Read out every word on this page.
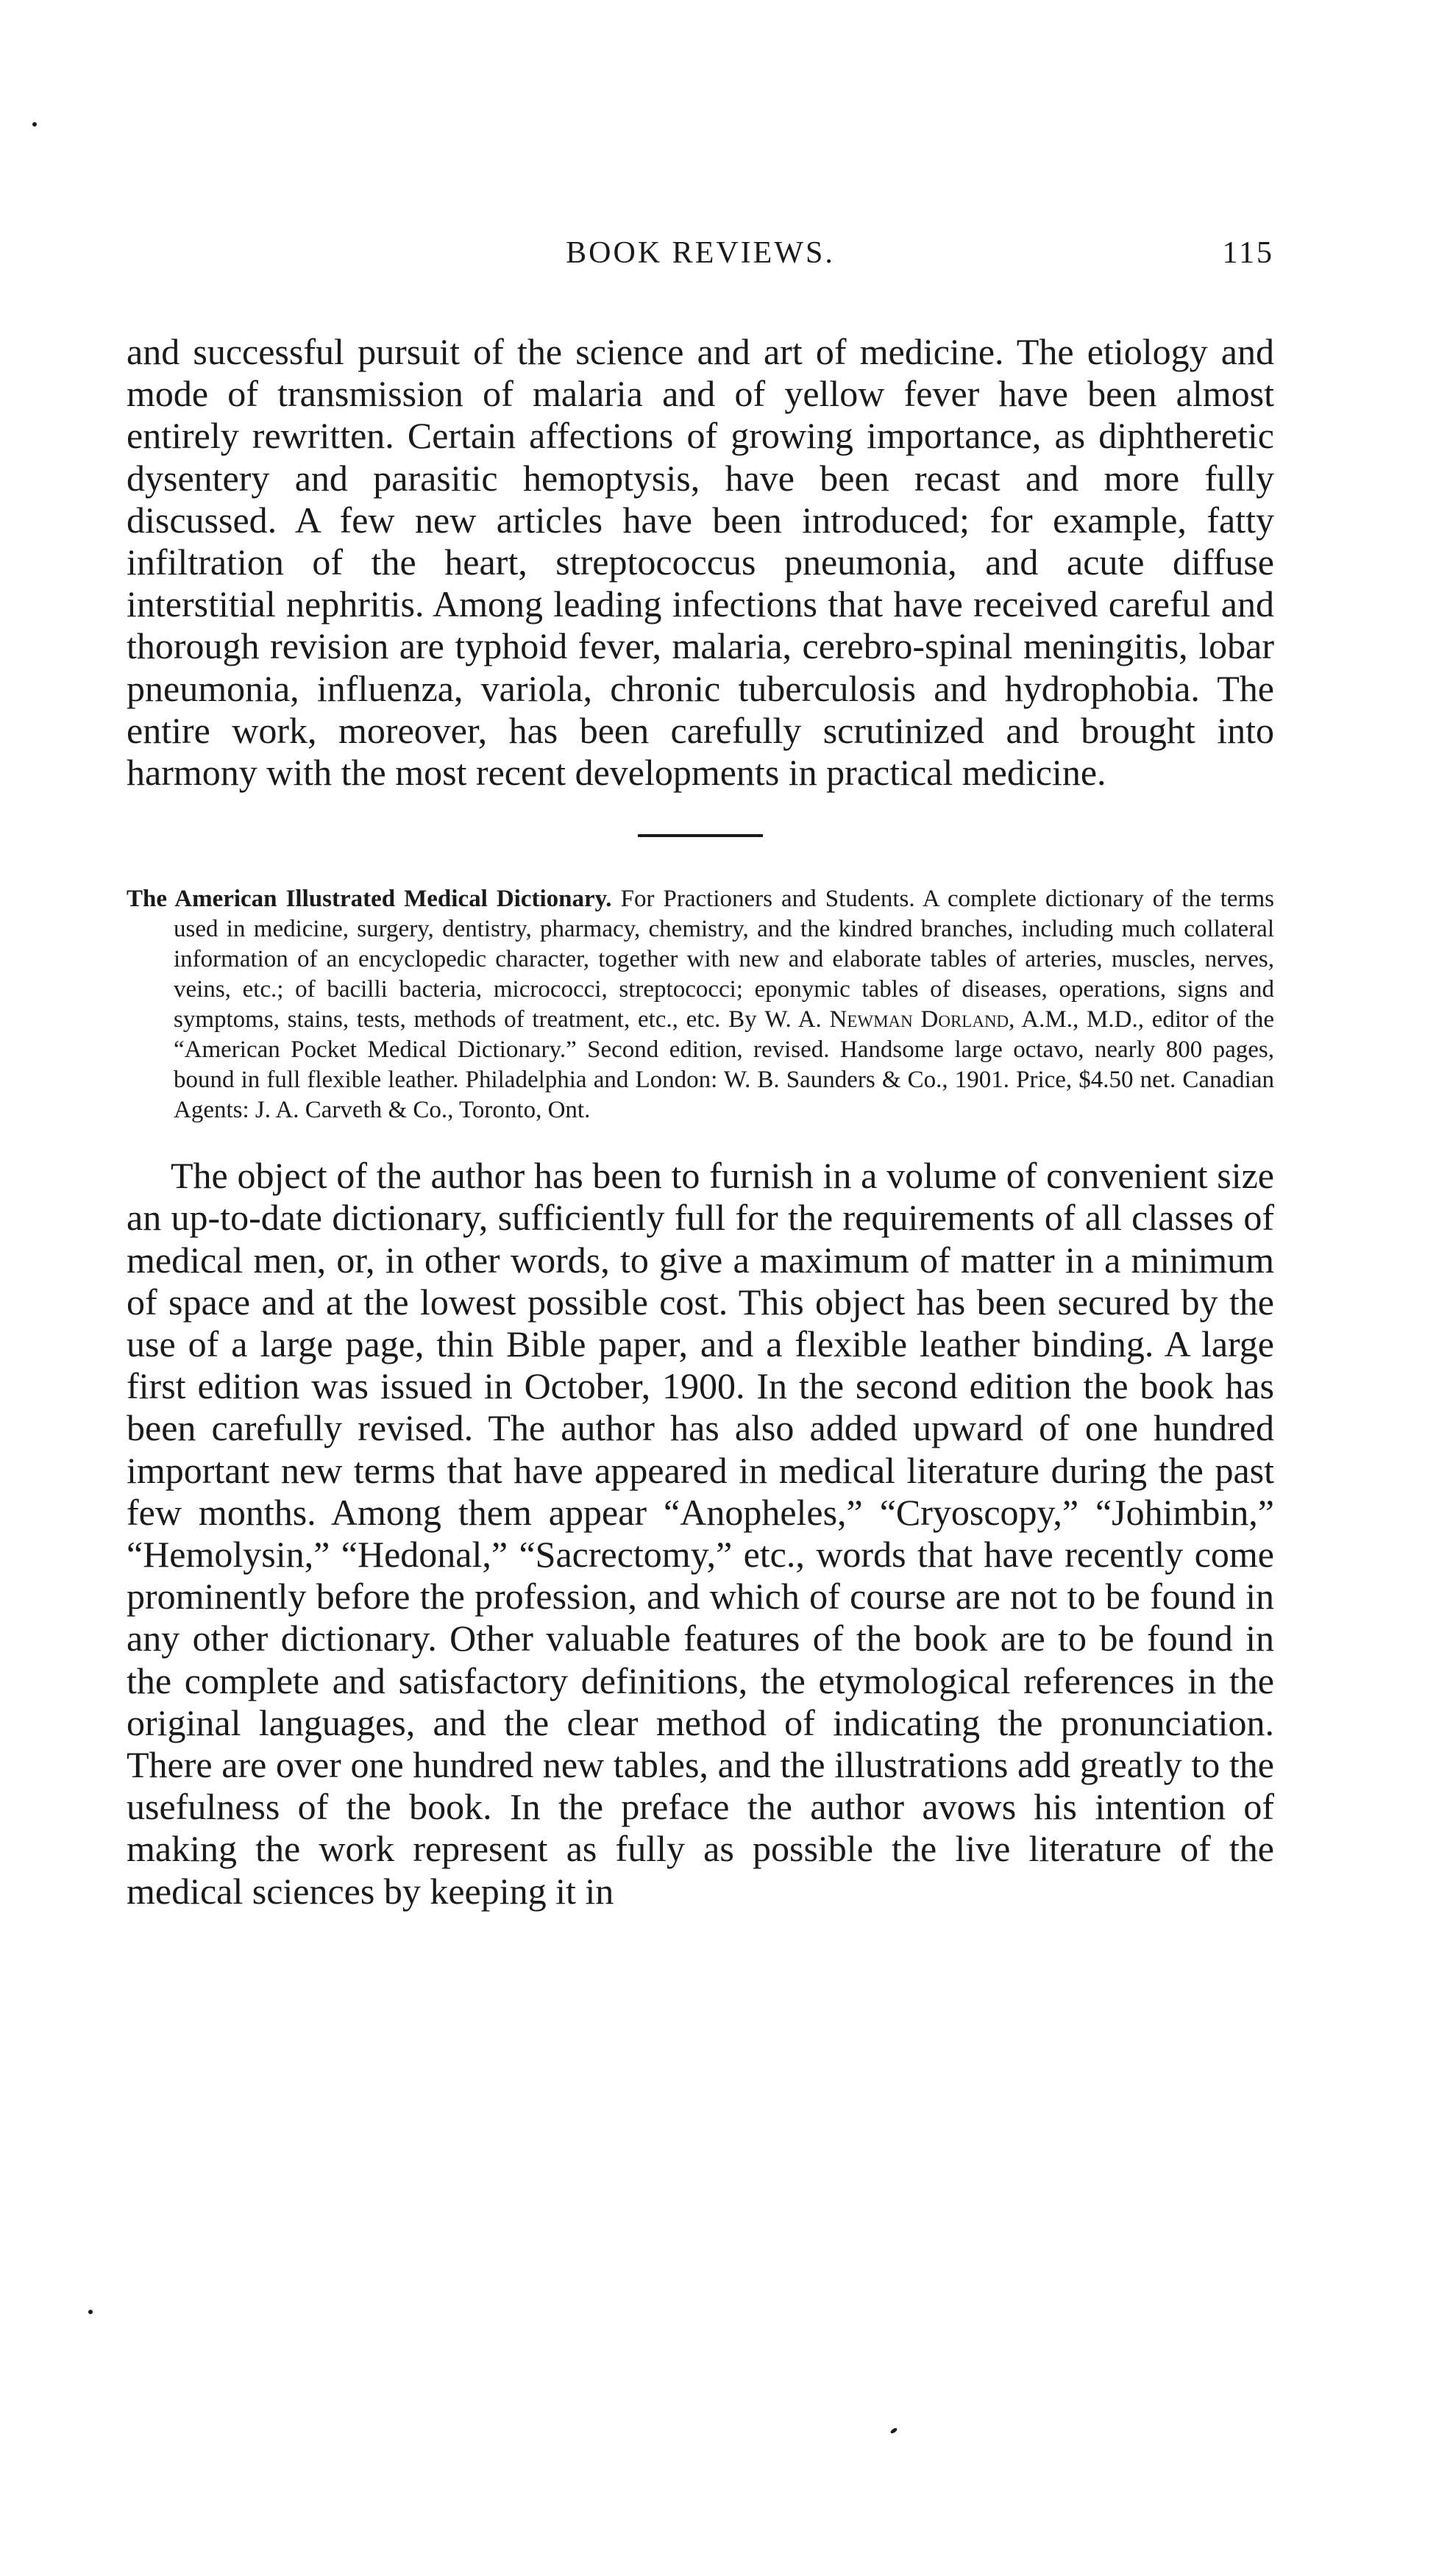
BOOK REVIEWS.	115

and successful pursuit of the science and art of medicine. The etiology and mode of transmission of malaria and of yellow fever have been almost entirely rewritten. Certain affections of growing importance, as diphtheretic dysentery and parasitic hemoptysis, have been recast and more fully discussed. A few new articles have been introduced; for example, fatty infiltration of the heart, streptococcus pneumonia, and acute diffuse interstitial nephritis. Among leading infections that have received careful and thorough revision are typhoid fever, malaria, cerebro-spinal meningitis, lobar pneumonia, influenza, variola, chronic tuberculosis and hydrophobia. The entire work, moreover, has been carefully scrutinized and brought into harmony with the most recent developments in practical medicine.

The American Illustrated Medical Dictionary. For Practioners and Students. A complete dictionary of the terms used in medicine, surgery, dentistry, pharmacy, chemistry, and the kindred branches, including much collateral information of an encyclopedic character, together with new and elaborate tables of arteries, muscles, nerves, veins, etc.; of bacilli bacteria, micrococci, streptococci; eponymic tables of diseases, operations, signs and symptoms, stains, tests, methods of treatment, etc., etc. By W. A. Newman Dorland, A.M., M.D., editor of the “American Pocket Medical Dictionary.” Second edition, revised. Handsome large octavo, nearly 800 pages, bound in full flexible leather. Philadelphia and London: W. B. Saunders & Co., 1901. Price, $4.50 net. Canadian Agents: J. A. Carveth & Co., Toronto, Ont.

The object of the author has been to furnish in a volume of convenient size an up-to-date dictionary, sufficiently full for the requirements of all classes of medical men, or, in other words, to give a maximum of matter in a minimum of space and at the lowest possible cost. This object has been secured by the use of a large page, thin Bible paper, and a flexible leather binding. A large first edition was issued in October, 1900. In the second edition the book has been carefully revised. The author has also added upward of one hundred important new terms that have appeared in medical literature during the past few months. Among them appear “Anopheles,” “Cryoscopy,” “Johimbin,” “Hemolysin,” “Hedonal,” “Sacrectomy,” etc., words that have recently come prominently before the profession, and which of course are not to be found in any other dictionary. Other valuable features of the book are to be found in the complete and satisfactory definitions, the etymological references in the original languages, and the clear method of indicating the pronunciation. There are over one hundred new tables, and the illustrations add greatly to the usefulness of the book. In the preface the author avows his intention of making the work represent as fully as possible the live literature of the medical sciences by keeping it in
